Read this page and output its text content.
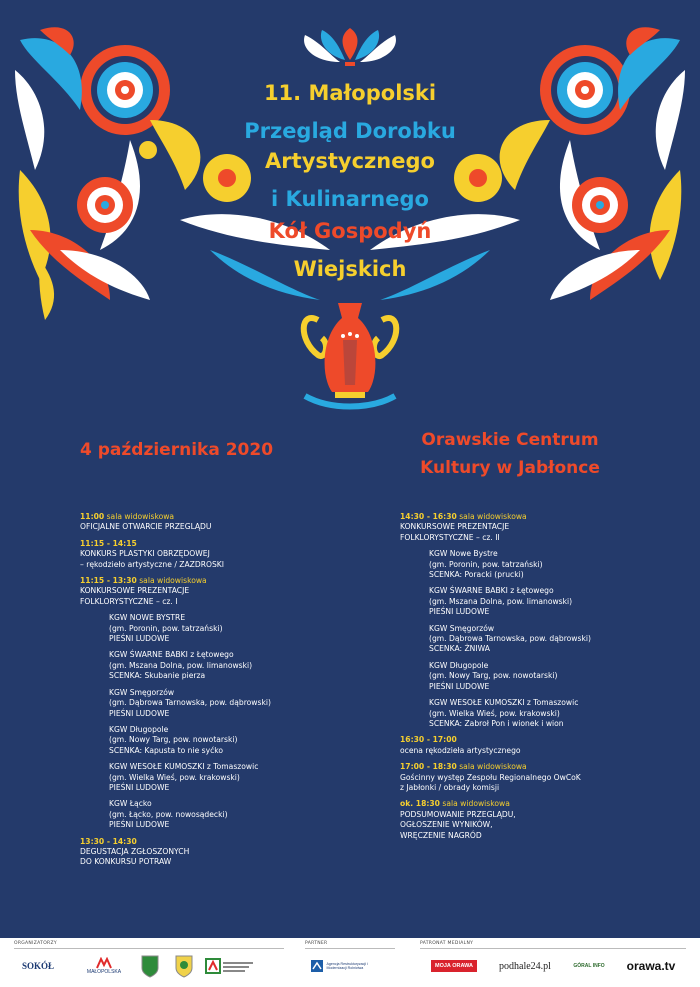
11. Małopolski
Przegląd Dorobku
Artystycznego
i Kulinarnego
Kół Gospodyń
Wiejskich
4 października 2020	Orawskie Centrum
Kultury w Jabłonce
11:00 sala widowiskowa
OFICJALNE OTWARCIE PRZEGLĄDU
11:15 - 14:15
KONKURS PLASTYKI OBRZĘDOWEJ
– rękodzieło artystyczne / ZAZDROSKI
11:15 - 13:30 sala widowiskowa
KONKURSOWE PREZENTACJE
FOLKLORYSTYCZNE – cz. I
KGW NOWE BYSTRE
(gm. Poronin, pow. tatrzański)
PIEŚNI LUDOWE
KGW ŚWARNE BABKI z Łętowego
(gm. Mszana Dolna, pow. limanowski)
SCENKA: Skubanie pierza
KGW Smęgorzów
(gm. Dąbrowa Tarnowska, pow. dąbrowski)
PIEŚNI LUDOWE
KGW Długopole
(gm. Nowy Targ, pow. nowotarski)
SCENKA: Kapusta to nie syćko
KGW WESOŁE KUMOSZKI z Tomaszowic
(gm. Wielka Wieś, pow. krakowski)
PIEŚNI LUDOWE
KGW Łącko
(gm. Łącko, pow. nowosądecki)
PIEŚNI LUDOWE
13:30 - 14:30
DEGUSTACJA ZGŁOSZONYCH
DO KONKURSU POTRAW
14:30 - 16:30 sala widowiskowa
KONKURSOWE PREZENTACJE
FOLKLORYSTYCZNE – cz. II
KGW Nowe Bystre
(gm. Poronin, pow. tatrzański)
SCENKA: Poracki (prucki)
KGW ŚWARNE BABKI z Łętowego
(gm. Mszana Dolna, pow. limanowski)
PIEŚNI LUDOWE
KGW Smęgorzów
(gm. Dąbrowa Tarnowska, pow. dąbrowski)
SCENKA: ŻNIWA
KGW Długopole
(gm. Nowy Targ, pow. nowotarski)
PIEŚNI LUDOWE
KGW WESOŁE KUMOSZKI z Tomaszowic
(gm. Wielka Wieś, pow. krakowski)
SCENKA: Zabroł Pon i wionek i wion
16:30 - 17:00
ocena rękodzieła artystycznego
17:00 - 18:30 sala widowiskowa
Gościnny występ Zespołu Regionalnego OwCoK
z Jabłonki / obrady komisji
ok. 18:30 sala widowiskowa
PODSUMOWANIE PRZEGLĄDU,
OGŁOSZENIE WYNIKÓW,
WRĘCZENIE NAGRÓD
ORGANIZATORZY	PARTNER	PATRONAT MEDIALNY
SOKÓŁ
MAŁOPOLSKA
Agencja Restrukturyzacji i Modernizacji Rolnictwa	MOJA ORAWA	podhale24.pl	GÓRAL INFO	orawa.tv
